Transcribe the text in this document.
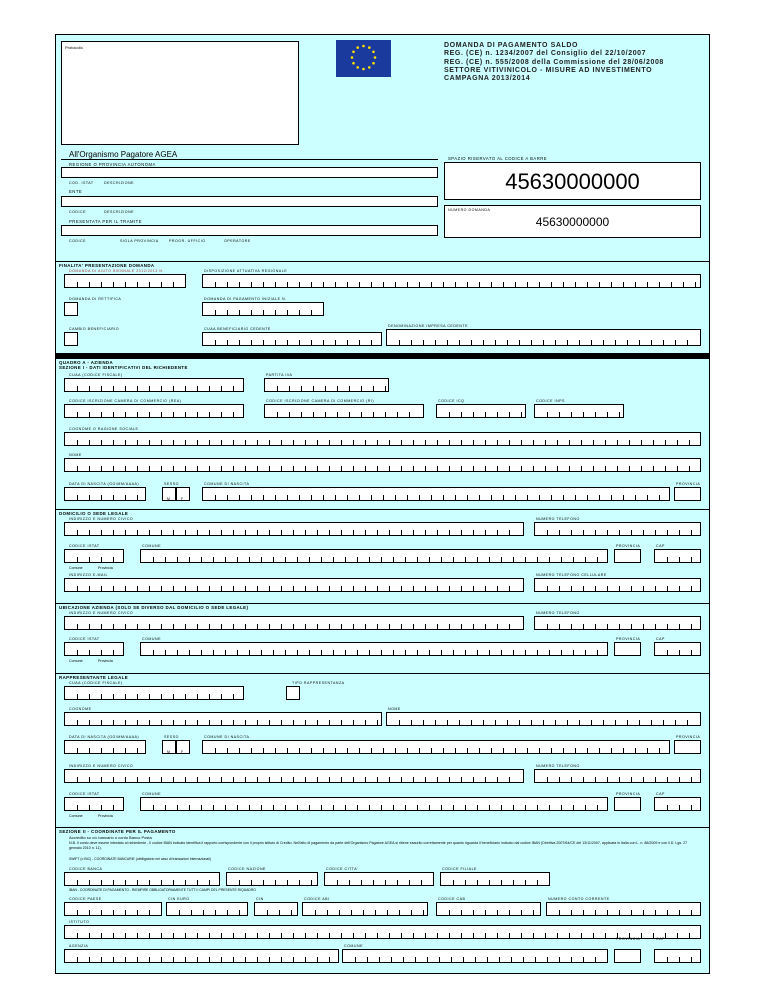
Protocollo	DOMANDA DI PAGAMENTO SALDO
REG. (CE) n. 1234/2007 del Consiglio del 22/10/2007
REG. (CE) n. 555/2008 della Commissione del 28/06/2008
SETTORE VITIVINICOLO - MISURE AD INVESTIMENTO
CAMPAGNA 2013/2014
All'Organismo Pagatore AGEA
REGIONE O PROVINCIA AUTONOMA
COD. ISTAT	DESCRIZIONE
ENTE
CODICE	DESCRIZIONE
PRESENTATA PER IL TRAMITE
CODICE	SIGLA PROVINCIA	PROGR. UFFICIO	OPERATORE
SPAZIO RISERVATO AL CODICE A BARRE
45630000000
NUMERO DOMANDA
45630000000
FINALITA' PRESENTAZIONE DOMANDA
DOMANDA DI AIUTO BIENNALE 2012/2013 N.	DISPOSIZIONE ATTUATIVA REGIONALE
DOMANDA DI RETTIFICA	DOMANDA DI PAGAMENTO INIZIALE N.
CAMBIO BENEFICIARIO	CUAA BENEFICIARIO CEDENTE
DENOMINAZIONE IMPRESA CEDENTE
QUADRO A - AZIENDA
SEZIONE I - DATI IDENTIFICATIVI DEL RICHIEDENTE
CUAA (CODICE FISCALE)	PARTITA IVA
CODICE ISCRIZIONE CAMERA DI COMMERCIO (REA)	CODICE ISCRIZIONE CAMERA DI COMMERCIO (RI)	CODICE ICQ	CODICE INPS
COGNOME O RAGIONE SOCIALE
NOME
DATA DI NASCITA (GG/MM/AAAA)	SESSO
M	F
COMUNE DI NASCITA	PROVINCIA
DOMICILIO O SEDE LEGALE
INDIRIZZO E NUMERO CIVICO	NUMERO TELEFONO
CODICE ISTAT	COMUNE	PROVINCIA	CAP
Comune	Provincia
INDIRIZZO E-MAIL	NUMERO TELEFONO CELLULARE
UBICAZIONE AZIENDA (SOLO SE DIVERSO DAL DOMICILIO O SEDE LEGALE)
INDIRIZZO E NUMERO CIVICO	NUMERO TELEFONO
CODICE ISTAT	COMUNE	PROVINCIA	CAP
Comune	Provincia
RAPPRESENTANTE LEGALE
CUAA (CODICE FISCALE)	TIPO RAPPRESENTANZA
COGNOME	NOME
DATA DI NASCITA (GG/MM/AAAA)	SESSO
M	F
COMUNE DI NASCITA	PROVINCIA
INDIRIZZO E NUMERO CIVICO	NUMERO TELEFONO
CODICE ISTAT	COMUNE	PROVINCIA	CAP
Comune	Provincia
SEZIONE II - COORDINATE PER IL PAGAMENTO
Accredito su c/c bancario o conto Banco Posta
N.B. Il conto deve essere intestato al richiedente - Il codice IBAN indicato identifica il rapporto corrispondente con il proprio istituto di Credito. Nell'atto di pagamento da parte dell'Organismo Pagatore AGEA si ritiene esaurito correttamente per quanto riguarda il beneficiario indicato dal codice IBAN (Direttiva 2007/64/CE del 13/11/2007, applicata in Italia con L. n. 88/2009 e con il D. Lgs. 27 gennaio 2010 n. 11).
SWIFT (o BIC) - COORDINATE BANCARIE (obbligatorio nel caso di transazioni internazionali)
CODICE BANCA	CODICE NAZIONE	CODICE CITTA'	CODICE FILIALE
IBAN - COORDINATE DI PAGAMENTO - RIEMPIRE OBBLIGATORIAMENTE TUTTI I CAMPI DEL PRESENTE RIQUADRO
CODICE PAESE	CIN EURO	CIN	CODICE ABI	CODICE CAB	NUMERO CONTO CORRENTE
ISTITUTO
AGENZIA	COMUNE
PROVINCIA	CAP
